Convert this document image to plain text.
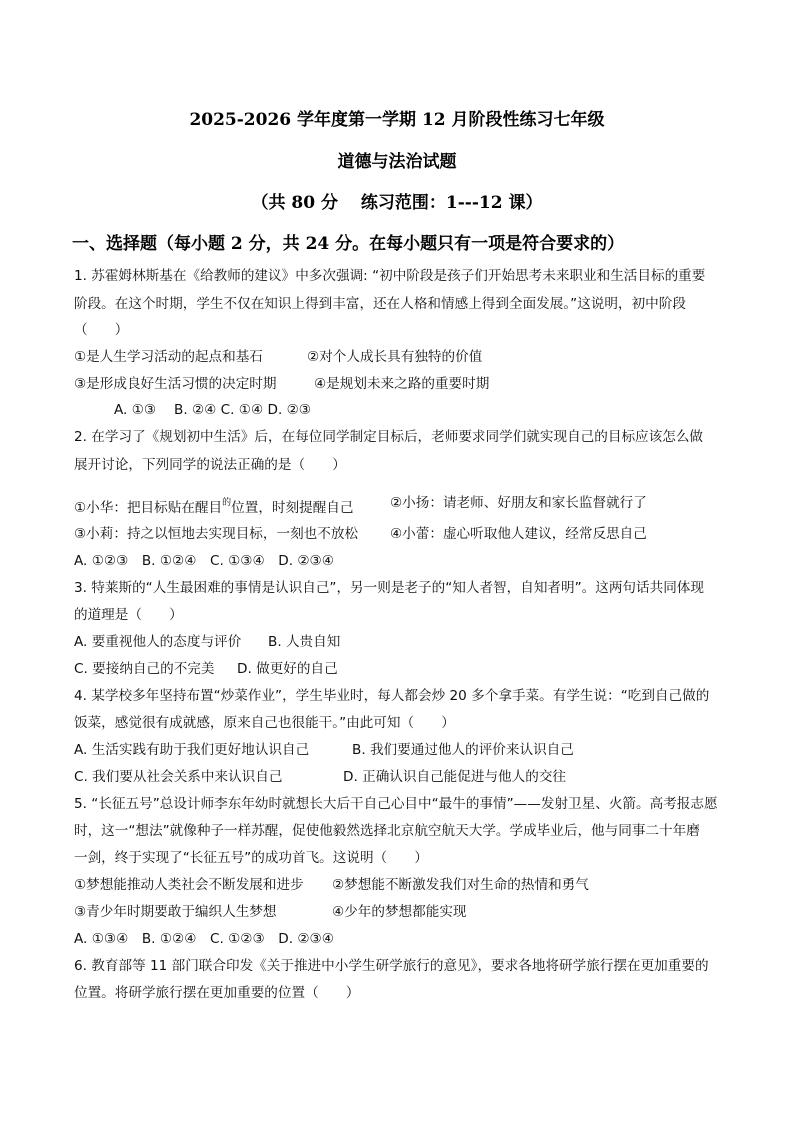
2025-2026 学年度第一学期 12 月阶段性练习七年级
道德与法治试题
（共 80 分　 练习范围：1---12 课）
一、选择题（每小题 2 分，共 24 分。在每小题只有一项是符合要求的）
1. 苏霍姆林斯基在《给教师的建议》中多次强调: “初中阶段是孩子们开始思考未来职业和生活目标的重要
阶段。在这个时期，学生不仅在知识上得到丰富，还在人格和情感上得到全面发展。”这说明，初中阶段
（　　）
①是人生学习活动的起点和基石	②对个人成长具有独特的价值
③是形成良好生活习惯的决定时期	④是规划未来之路的重要时期
A. ①③　 B. ②④ C. ①④ D. ②③
2. 在学习了《规划初中生活》后，在每位同学制定目标后，老师要求同学们就实现自己的目标应该怎么做
展开讨论，下列同学的说法正确的是（　　）
①小华：把目标贴在醒目$^的$位置，时刻提醒自己	②小扬：请老师、好朋友和家长监督就行了
③小莉：持之以恒地去实现目标，一刻也不放松 ④小蕾：虚心听取他人建议，经常反思自己
A. ①②③　B. ①②④　C. ①③④　D. ②③④
3. 特莱斯的“人生最困难的事情是认识自己”，另一则是老子的“知人者智，自知者明”。这两句话共同体现
的道理是（　　）
A. 要重视他人的态度与评价 B. 人贵自知
C. 要接纳自己的不完美 D. 做更好的自己
4. 某学校多年坚持布置“炒菜作业”，学生毕业时，每人都会炒 20 多个拿手菜。有学生说：“吃到自己做的
饭菜，感觉很有成就感，原来自己也很能干。”由此可知（　　）
A. 生活实践有助于我们更好地认识自己	B. 我们要通过他人的评价来认识自己
C. 我们要从社会关系中来认识自己	D. 正确认识自己能促进与他人的交往
5. “长征五号”总设计师李东年幼时就想长大后干自己心目中“最牛的事情”——发射卫星、火箭。高考报志愿
时，这一“想法”就像种子一样苏醒，促使他毅然选择北京航空航天大学。学成毕业后，他与同事二十年磨
一剑，终于实现了“长征五号”的成功首飞。这说明（　　）
①梦想能推动人类社会不断发展和进步 ②梦想能不断激发我们对生命的热情和勇气
③青少年时期要敢于编织人生梦想	④少年的梦想都能实现
A. ①③④　B. ①②④　C. ①②③　D. ②③④
6. 教育部等 11 部门联合印发《关于推进中小学生研学旅行的意见》，要求各地将研学旅行摆在更加重要的
位置。将研学旅行摆在更加重要的位置（　　）
